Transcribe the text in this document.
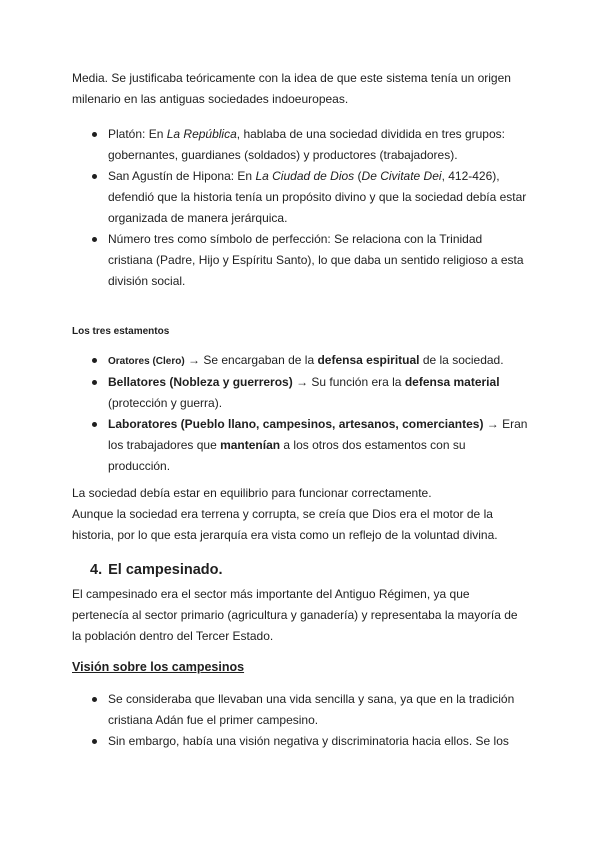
Media. Se justificaba teóricamente con la idea de que este sistema tenía un origen milenario en las antiguas sociedades indoeuropeas.

Platón: En La República, hablaba de una sociedad dividida en tres grupos: gobernantes, guardianes (soldados) y productores (trabajadores).
San Agustín de Hipona: En La Ciudad de Dios (De Civitate Dei, 412-426), defendió que la historia tenía un propósito divino y que la sociedad debía estar organizada de manera jerárquica.
Número tres como símbolo de perfección: Se relaciona con la Trinidad cristiana (Padre, Hijo y Espíritu Santo), lo que daba un sentido religioso a esta división social.

Los tres estamentos

Oratores (Clero) → Se encargaban de la defensa espiritual de la sociedad.
Bellatores (Nobleza y guerreros) → Su función era la defensa material (protección y guerra).
Laboratores (Pueblo llano, campesinos, artesanos, comerciantes) → Eran los trabajadores que mantenían a los otros dos estamentos con su producción.

La sociedad debía estar en equilibrio para funcionar correctamente.

Aunque la sociedad era terrena y corrupta, se creía que Dios era el motor de la historia, por lo que esta jerarquía era vista como un reflejo de la voluntad divina.

4. El campesinado.

El campesinado era el sector más importante del Antiguo Régimen, ya que pertenecía al sector primario (agricultura y ganadería) y representaba la mayoría de la población dentro del Tercer Estado.

Visión sobre los campesinos

Se consideraba que llevaban una vida sencilla y sana, ya que en la tradición cristiana Adán fue el primer campesino.
Sin embargo, había una visión negativa y discriminatoria hacia ellos. Se los
